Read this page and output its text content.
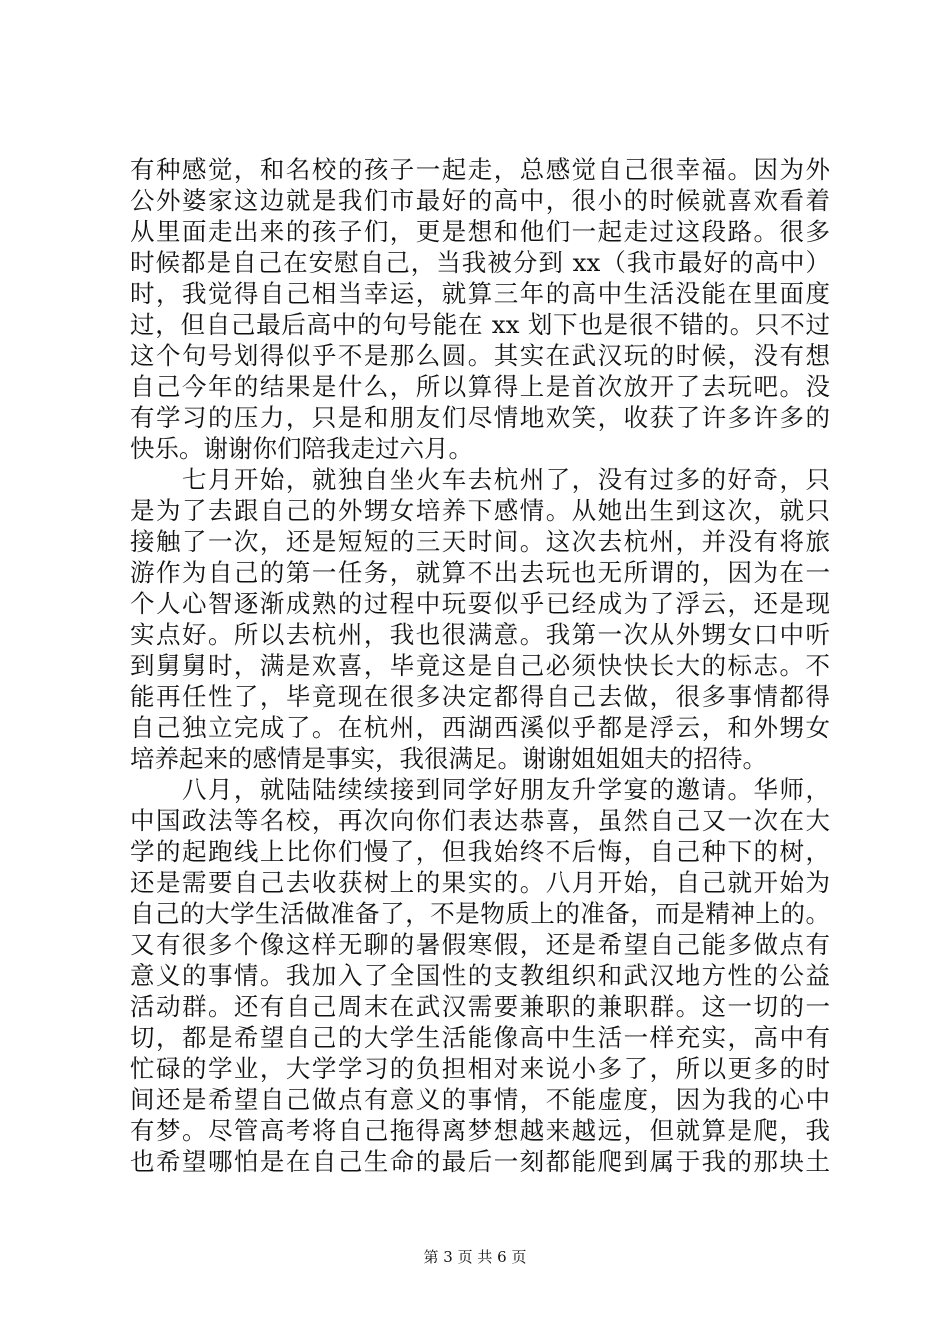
有种感觉，和名校的孩子一起走，总感觉自己很幸福。因为外
公外婆家这边就是我们市最好的高中，很小的时候就喜欢看着
从里面走出来的孩子们，更是想和他们一起走过这段路。很多
时候都是自己在安慰自己，当我被分到 xx（我市最好的高中）
时，我觉得自己相当幸运，就算三年的高中生活没能在里面度
过，但自己最后高中的句号能在 xx 划下也是很不错的。只不过
这个句号划得似乎不是那么圆。其实在武汉玩的时候，没有想
自己今年的结果是什么，所以算得上是首次放开了去玩吧。没
有学习的压力，只是和朋友们尽情地欢笑，收获了许多许多的
快乐。谢谢你们陪我走过六月。
　　七月开始，就独自坐火车去杭州了，没有过多的好奇，只
是为了去跟自己的外甥女培养下感情。从她出生到这次，就只
接触了一次，还是短短的三天时间。这次去杭州，并没有将旅
游作为自己的第一任务，就算不出去玩也无所谓的，因为在一
个人心智逐渐成熟的过程中玩耍似乎已经成为了浮云，还是现
实点好。所以去杭州，我也很满意。我第一次从外甥女口中听
到舅舅时，满是欢喜，毕竟这是自己必须快快长大的标志。不
能再任性了，毕竟现在很多决定都得自己去做，很多事情都得
自己独立完成了。在杭州，西湖西溪似乎都是浮云，和外甥女
培养起来的感情是事实，我很满足。谢谢姐姐姐夫的招待。
　　八月，就陆陆续续接到同学好朋友升学宴的邀请。华师，
中国政法等名校，再次向你们表达恭喜，虽然自己又一次在大
学的起跑线上比你们慢了，但我始终不后悔，自己种下的树，
还是需要自己去收获树上的果实的。八月开始，自己就开始为
自己的大学生活做准备了，不是物质上的准备，而是精神上的。
又有很多个像这样无聊的暑假寒假，还是希望自己能多做点有
意义的事情。我加入了全国性的支教组织和武汉地方性的公益
活动群。还有自己周末在武汉需要兼职的兼职群。这一切的一
切，都是希望自己的大学生活能像高中生活一样充实，高中有
忙碌的学业，大学学习的负担相对来说小多了，所以更多的时
间还是希望自己做点有意义的事情，不能虚度，因为我的心中
有梦。尽管高考将自己拖得离梦想越来越远，但就算是爬，我
也希望哪怕是在自己生命的最后一刻都能爬到属于我的那块土
第 3 页 共 6 页
